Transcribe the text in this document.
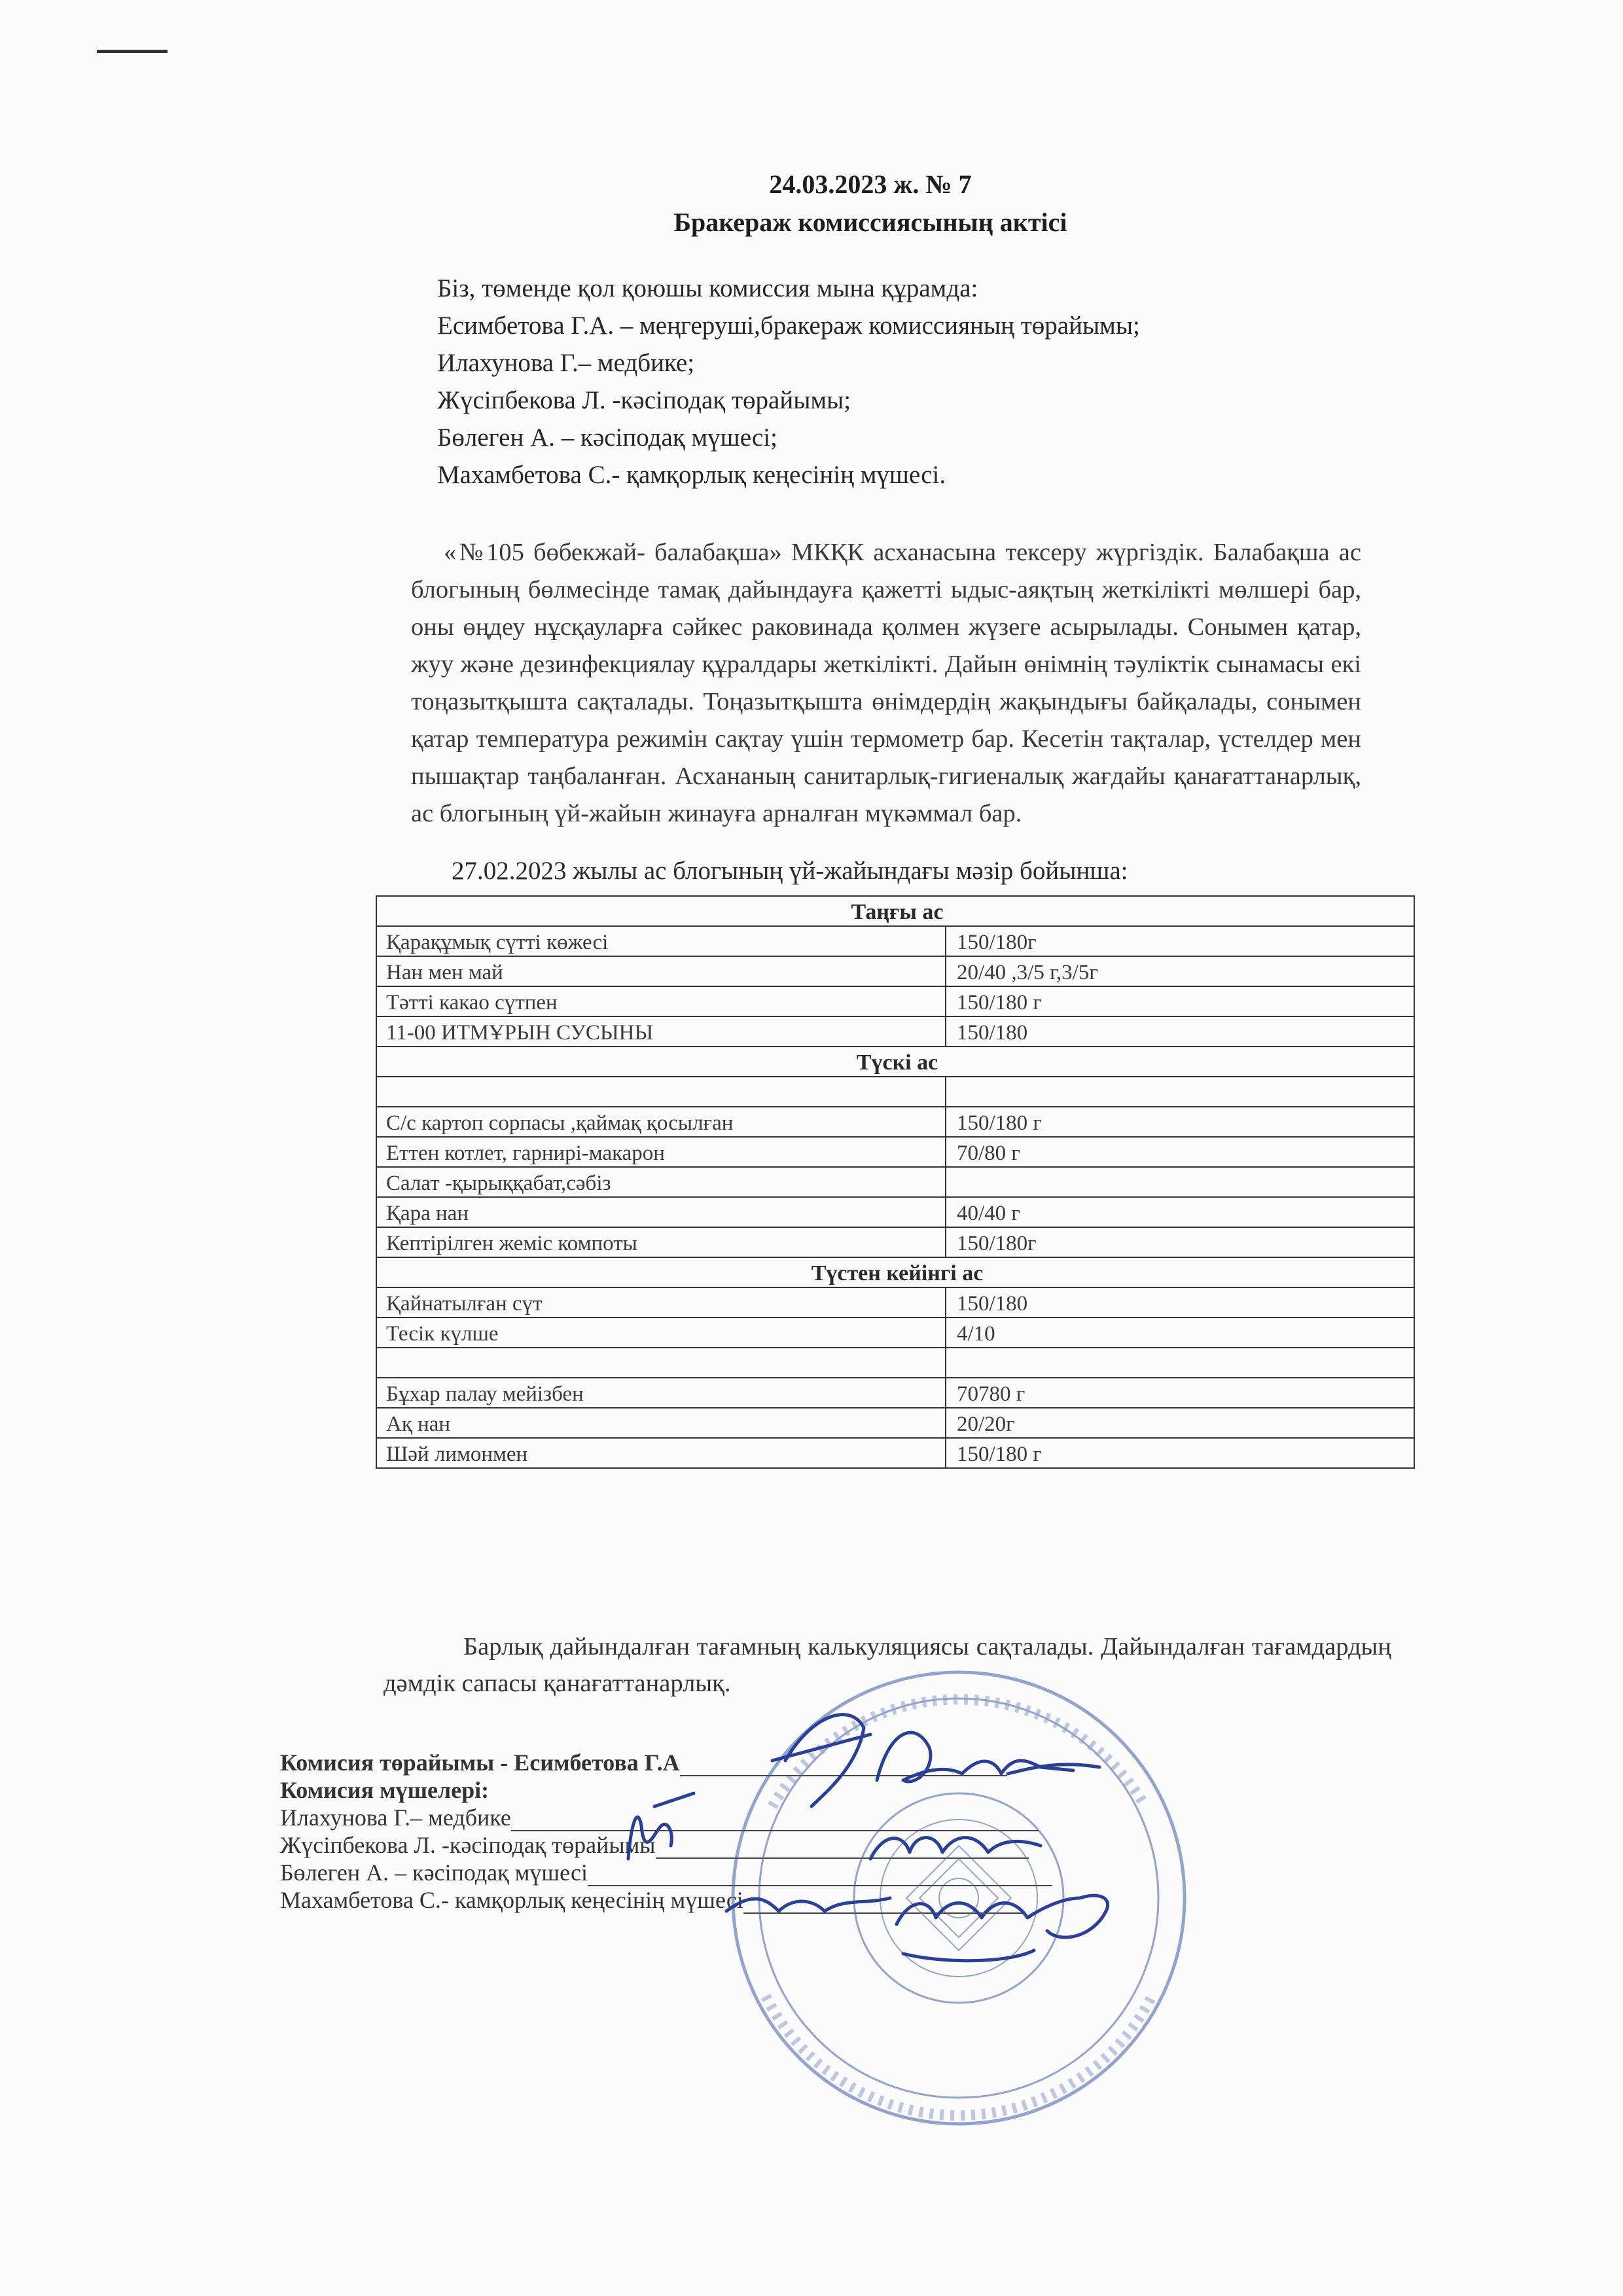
24.03.2023 ж. № 7
Бракераж комиссиясының актісі
Біз, төменде қол қоюшы комиссия мына құрамда:
Есимбетова Г.А. – меңгеруші,бракераж комиссияның төрайымы;
Илахунова Г.– медбике;
Жүсіпбекова Л. -кәсіподақ төрайымы;
Бөлеген А. – кәсіподақ мүшесі;
Махамбетова С.- қамқорлық кеңесінің мүшесі.
«№105 бөбекжай- балабақша» МКҚК асханасына тексеру жүргіздік. Балабақша ас блогының бөлмесінде тамақ дайындауға қажетті ыдыс-аяқтың жеткілікті мөлшері бар, оны өңдеу нұсқауларға сәйкес раковинада қолмен жүзеге асырылады. Сонымен қатар, жуу және дезинфекциялау құралдары жеткілікті. Дайын өнімнің тәуліктік сынамасы екі тоңазытқышта сақталады. Тоңазытқышта өнімдердің жақындығы байқалады, сонымен қатар температура режимін сақтау үшін термометр бар. Кесетін тақталар, үстелдер мен пышақтар таңбаланған. Асхананың санитарлық-гигиеналық жағдайы қанағаттанарлық, ас блогының үй-жайын жинауға арналған мүкәммал бар.
27.02.2023 жылы ас блогының үй-жайындағы мәзір бойынша:
Таңғы ас	
Қарақұмық сүтті көжесі	150/180г
Нан мен май	20/40 ,3/5 г,3/5г
Тәтті какао сүтпен	150/180 г
11-00 ИТМҰРЫН СУСЫНЫ	150/180
Түскі ас	

С/с картоп сорпасы ,қаймақ қосылған	150/180 г
Еттен котлет, гарнирі-макарон	70/80 г
Салат -қырыққабат,сәбіз	
Қара нан	40/40 г
Кептірілген жеміс компоты	150/180г
Түстен кейінгі ас	
Қайнатылған сүт	150/180
Тесік күлше	4/10

Бұхар палау мейізбен	70780 г
Ақ нан	20/20г
Шәй лимонмен	150/180 г
Барлық дайындалған тағамның калькуляциясы сақталады. Дайындалған тағамдардың дәмдік сапасы қанағаттанарлық.
Комисия төрайымы - Есимбетова Г.А
Комисия мүшелері:
Илахунова Г.– медбике
Жүсіпбекова Л. -кәсіподақ төрайымы
Бөлеген А. – кәсіподақ мүшесі
Махамбетова С.- камқорлық кеңесінің мүшесі
